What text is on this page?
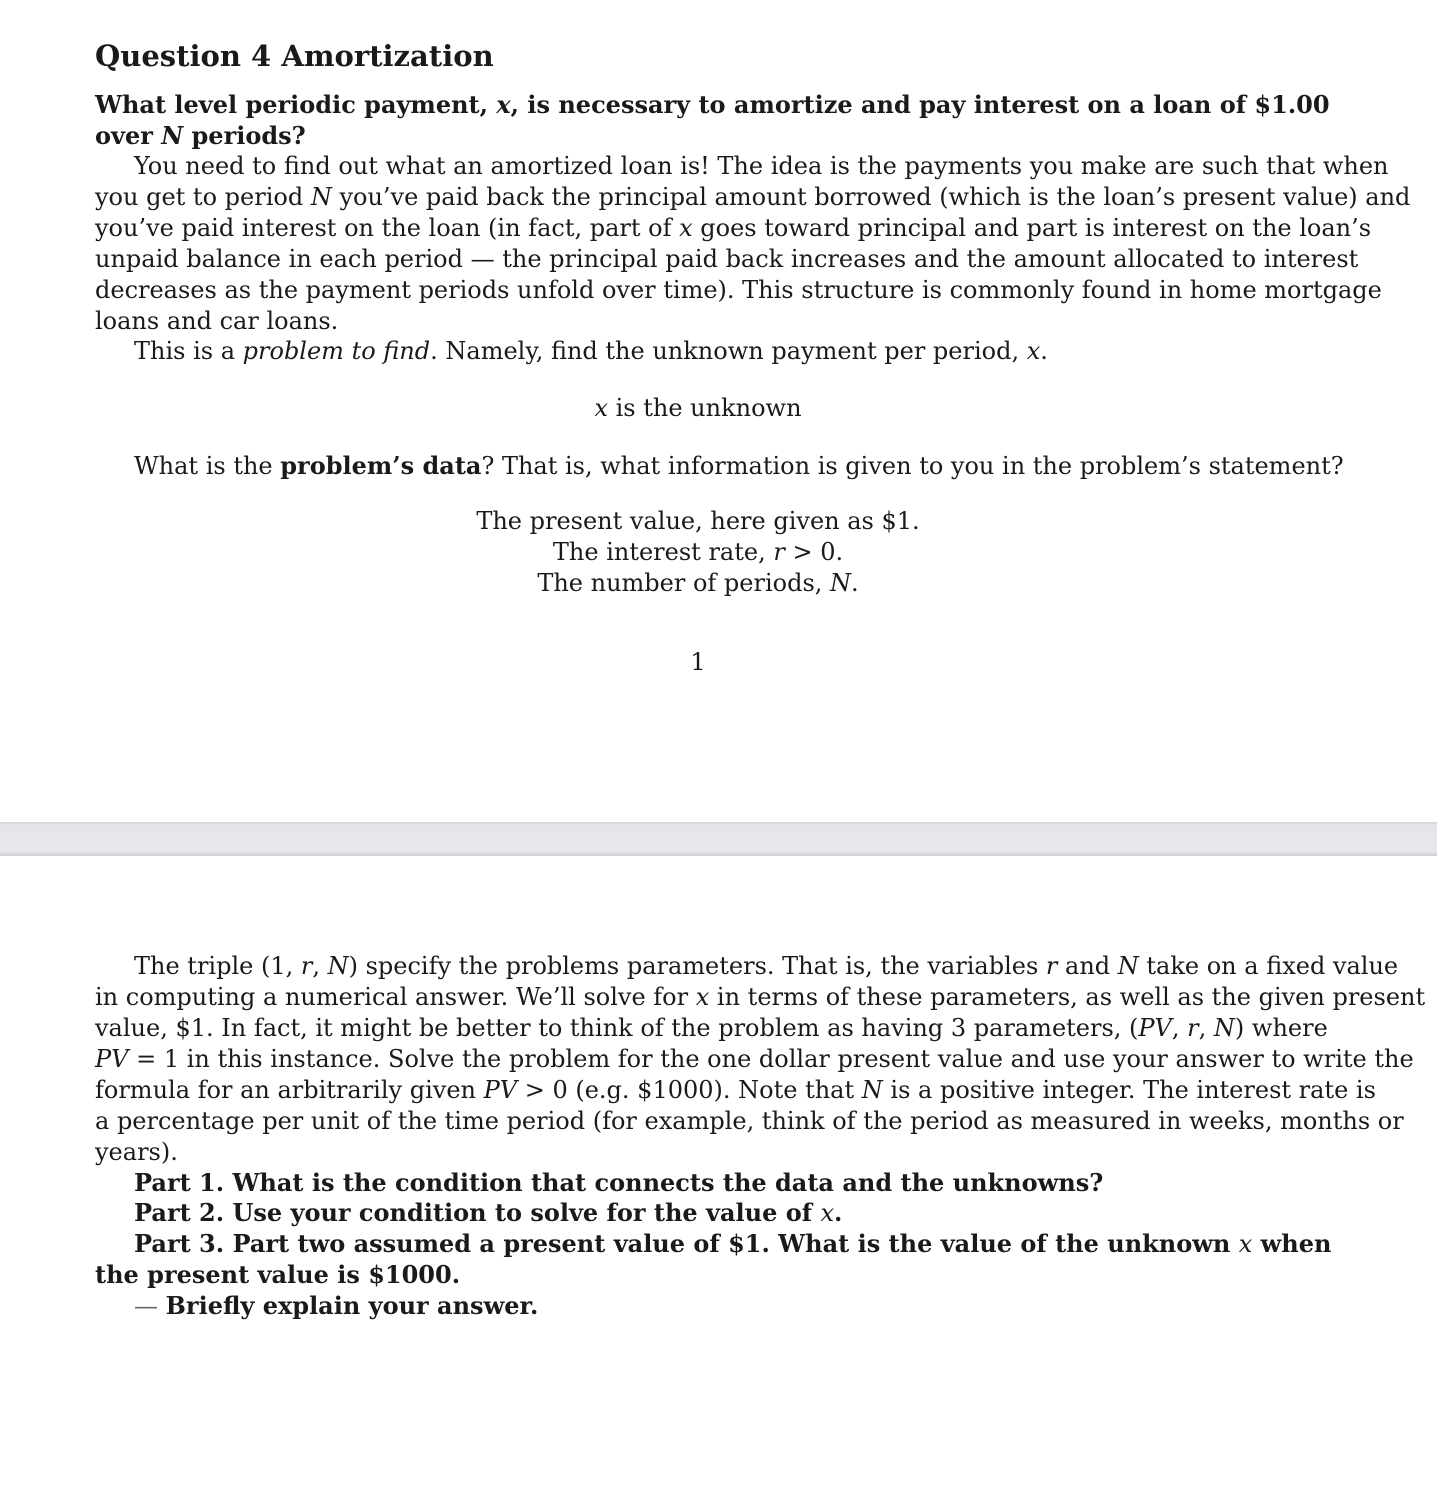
Question 4 Amortization
What level periodic payment, x, is necessary to amortize and pay interest on a loan of $1.00
over N periods?
You need to find out what an amortized loan is! The idea is the payments you make are such that when
you get to period N you’ve paid back the principal amount borrowed (which is the loan’s present value) and
you’ve paid interest on the loan (in fact, part of x goes toward principal and part is interest on the loan’s
unpaid balance in each period — the principal paid back increases and the amount allocated to interest
decreases as the payment periods unfold over time). This structure is commonly found in home mortgage
loans and car loans.
This is a problem to find. Namely, find the unknown payment per period, x.
x is the unknown
What is the problem’s data? That is, what information is given to you in the problem’s statement?
The present value, here given as $1.
The interest rate, r > 0.
The number of periods, N.
1
The triple (1, r, N) specify the problems parameters. That is, the variables r and N take on a fixed value
in computing a numerical answer. We’ll solve for x in terms of these parameters, as well as the given present
value, $1. In fact, it might be better to think of the problem as having 3 parameters, (PV, r, N) where
PV = 1 in this instance. Solve the problem for the one dollar present value and use your answer to write the
formula for an arbitrarily given PV > 0 (e.g. $1000). Note that N is a positive integer. The interest rate is
a percentage per unit of the time period (for example, think of the period as measured in weeks, months or
years).
Part 1. What is the condition that connects the data and the unknowns?
Part 2. Use your condition to solve for the value of x.
Part 3. Part two assumed a present value of $1. What is the value of the unknown x when
the present value is $1000.
— Briefly explain your answer.
